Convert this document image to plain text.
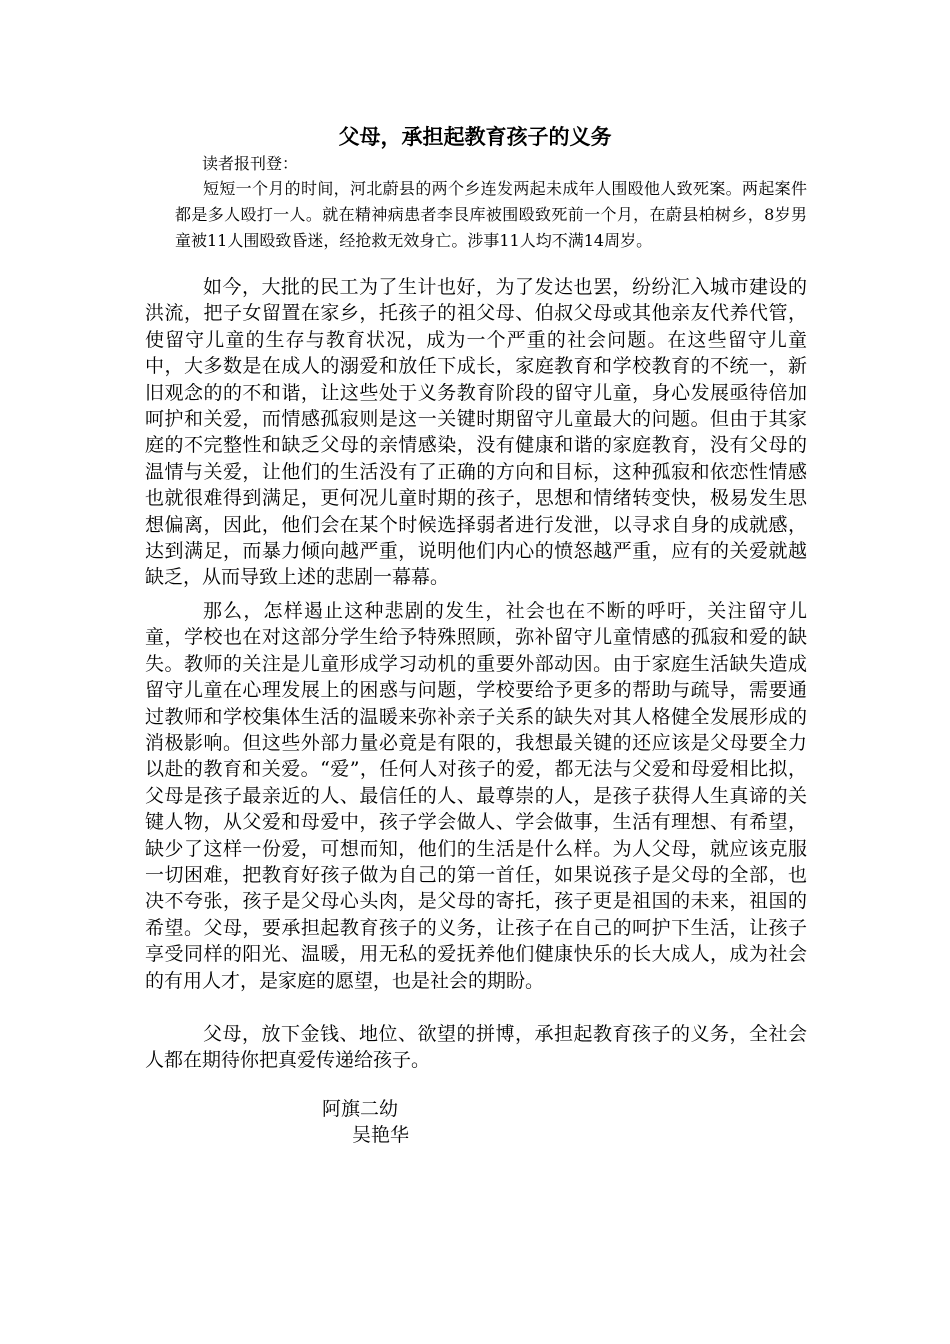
父母，承担起教育孩子的义务

读者报刊登：

短短一个月的时间，河北蔚县的两个乡连发两起未成年人围殴他人致死案。两起案件都是多人殴打一人。就在精神病患者李艮库被围殴致死前一个月，在蔚县柏树乡，8岁男童被11人围殴致昏迷，经抢救无效身亡。涉事11人均不满14周岁。

如今，大批的民工为了生计也好，为了发达也罢，纷纷汇入城市建设的洪流，把子女留置在家乡，托孩子的祖父母、伯叔父母或其他亲友代养代管，使留守儿童的生存与教育状况，成为一个严重的社会问题。在这些留守儿童中，大多数是在成人的溺爱和放任下成长，家庭教育和学校教育的不统一，新旧观念的的不和谐，让这些处于义务教育阶段的留守儿童，身心发展亟待倍加呵护和关爱，而情感孤寂则是这一关键时期留守儿童最大的问题。但由于其家庭的不完整性和缺乏父母的亲情感染，没有健康和谐的家庭教育，没有父母的温情与关爱，让他们的生活没有了正确的方向和目标，这种孤寂和依恋性情感也就很难得到满足，更何况儿童时期的孩子，思想和情绪转变快，极易发生思想偏离，因此，他们会在某个时候选择弱者进行发泄，以寻求自身的成就感，达到满足，而暴力倾向越严重，说明他们内心的愤怒越严重，应有的关爱就越缺乏，从而导致上述的悲剧一幕幕。

那么，怎样遏止这种悲剧的发生，社会也在不断的呼吁，关注留守儿童，学校也在对这部分学生给予特殊照顾，弥补留守儿童情感的孤寂和爱的缺失。教师的关注是儿童形成学习动机的重要外部动因。由于家庭生活缺失造成留守儿童在心理发展上的困惑与问题，学校要给予更多的帮助与疏导，需要通过教师和学校集体生活的温暖来弥补亲子关系的缺失对其人格健全发展形成的消极影响。但这些外部力量必竟是有限的，我想最关键的还应该是父母要全力以赴的教育和关爱。“爱”，任何人对孩子的爱，都无法与父爱和母爱相比拟，父母是孩子最亲近的人、最信任的人、最尊崇的人，是孩子获得人生真谛的关键人物，从父爱和母爱中，孩子学会做人、学会做事，生活有理想、有希望，缺少了这样一份爱，可想而知，他们的生活是什么样。为人父母，就应该克服一切困难，把教育好孩子做为自己的第一首任，如果说孩子是父母的全部，也决不夸张，孩子是父母心头肉，是父母的寄托，孩子更是祖国的未来，祖国的希望。父母，要承担起教育孩子的义务，让孩子在自己的呵护下生活，让孩子享受同样的阳光、温暖，用无私的爱抚养他们健康快乐的长大成人，成为社会的有用人才，是家庭的愿望，也是社会的期盼。

父母，放下金钱、地位、欲望的拼博，承担起教育孩子的义务，全社会人都在期待你把真爱传递给孩子。

阿旗二幼

吴艳华
